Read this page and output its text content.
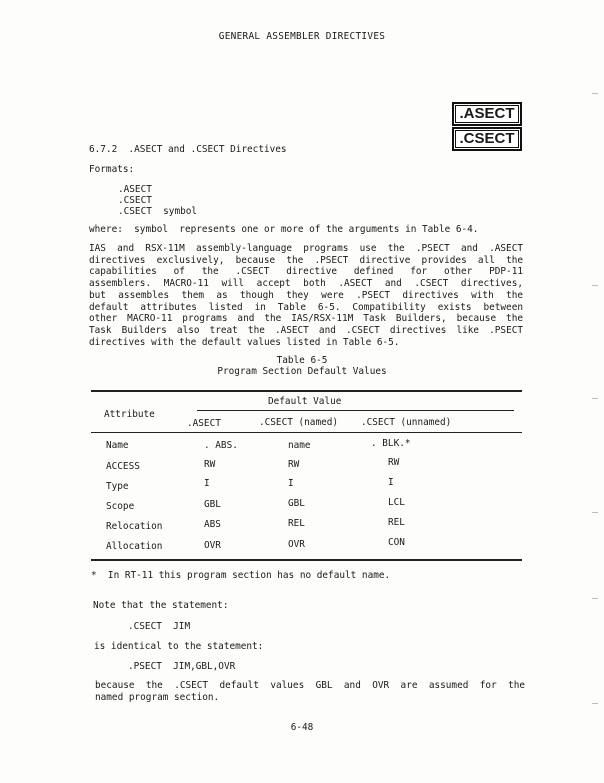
GENERAL ASSEMBLER DIRECTIVES
.ASECT
.CSECT
6.7.2  .ASECT and .CSECT Directives
Formats:
.ASECT
.CSECT
.CSECT  symbol
where:  symbol  represents one or more of the arguments in Table 6-4.
IAS and RSX-11M assembly-language programs use the .PSECT and .ASECT
directives exclusively, because the .PSECT directive provides all the
capabilities of the .CSECT directive defined for other PDP-11
assemblers. MACRO-11 will accept both .ASECT and .CSECT directives,
but assembles them as though they were .PSECT directives with the
default attributes listed in Table 6-5. Compatibility exists between
other MACRO-11 programs and the IAS/RSX-11M Task Builders, because the
Task Builders also treat the .ASECT and .CSECT directives like .PSECT
directives with the default values listed in Table 6-5.
Table 6-5
Program Section Default Values
Default Value
Attribute
.ASECT	.CSECT (named) .CSECT (unnamed)
Name	. ABS.	name	. BLK.*
ACCESS	RW	RW	RW
Type	I	I	I
Scope	GBL	GBL	LCL
Relocation	ABS	REL	REL
Allocation	OVR	OVR	CON
*  In RT-11 this program section has no default name.
Note that the statement:
.CSECT  JIM
is identical to the statement:
.PSECT  JIM,GBL,OVR
because the .CSECT default values GBL and OVR are assumed for the
named program section.
6-48
